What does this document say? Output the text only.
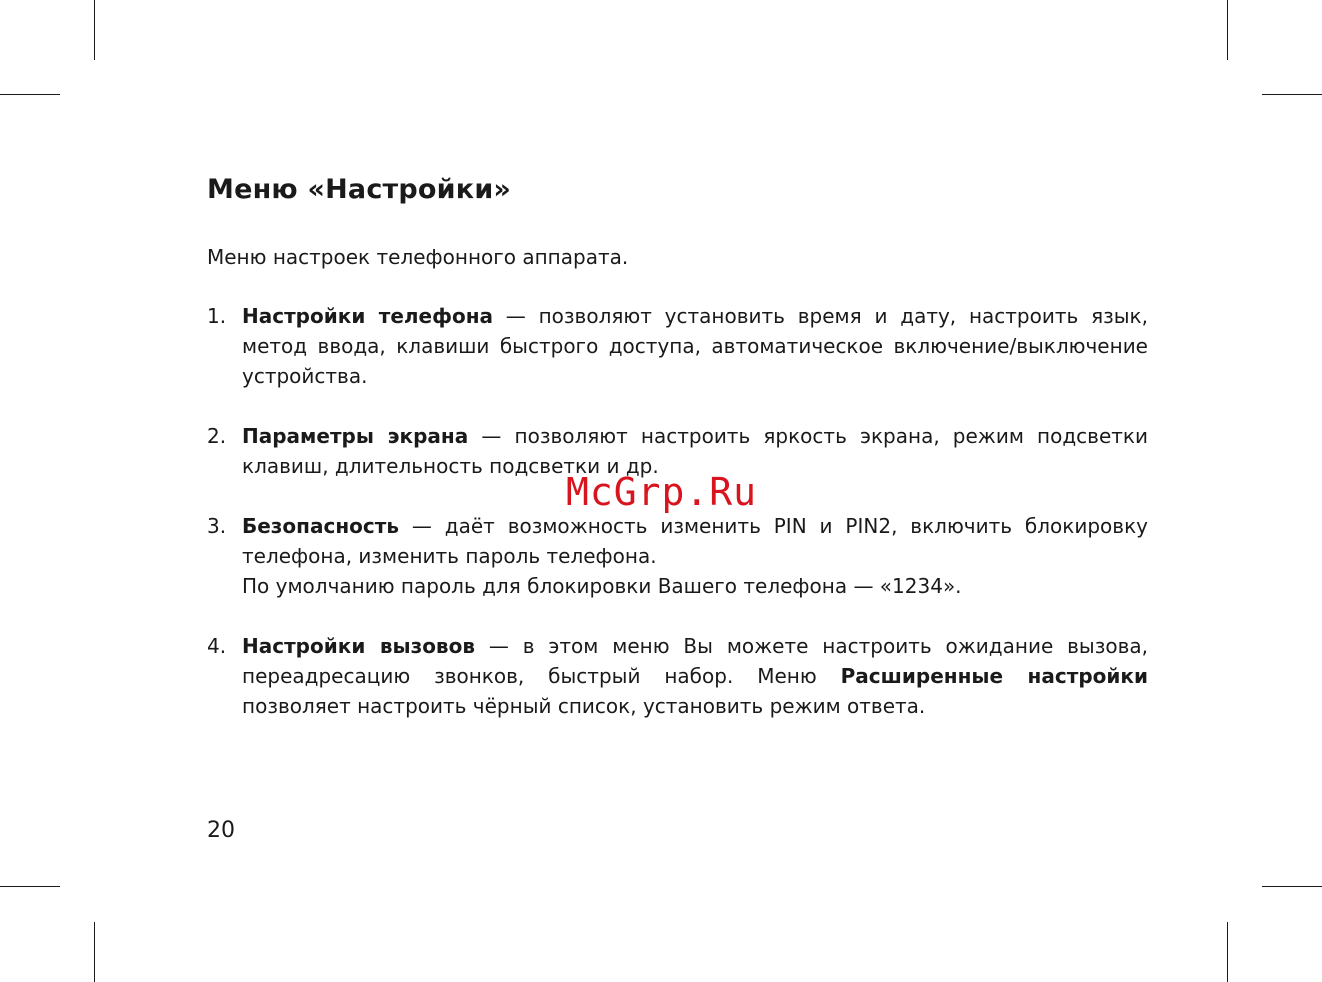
Меню «Настройки»

Меню настроек телефонного аппарата.

1. Настройки телефона — позволяют установить время и дату, настроить язык, метод ввода, клавиши быстрого доступа, автоматическое включение/выключение устройства.
2. Параметры экрана — позволяют настроить яркость экрана, режим подсветки клавиш, длительность подсветки и др.
3. Безопасность — даёт возможность изменить PIN и PIN2, включить блокировку телефона, изменить пароль телефона.
По умолчанию пароль для блокировки Вашего телефона — «1234».
4. Настройки вызовов — в этом меню Вы можете настроить ожидание вызова, переадресацию звонков, быстрый набор. Меню Расширенные настройки позволяет настроить чёрный список, установить режим ответа.
McGrp.Ru
20
